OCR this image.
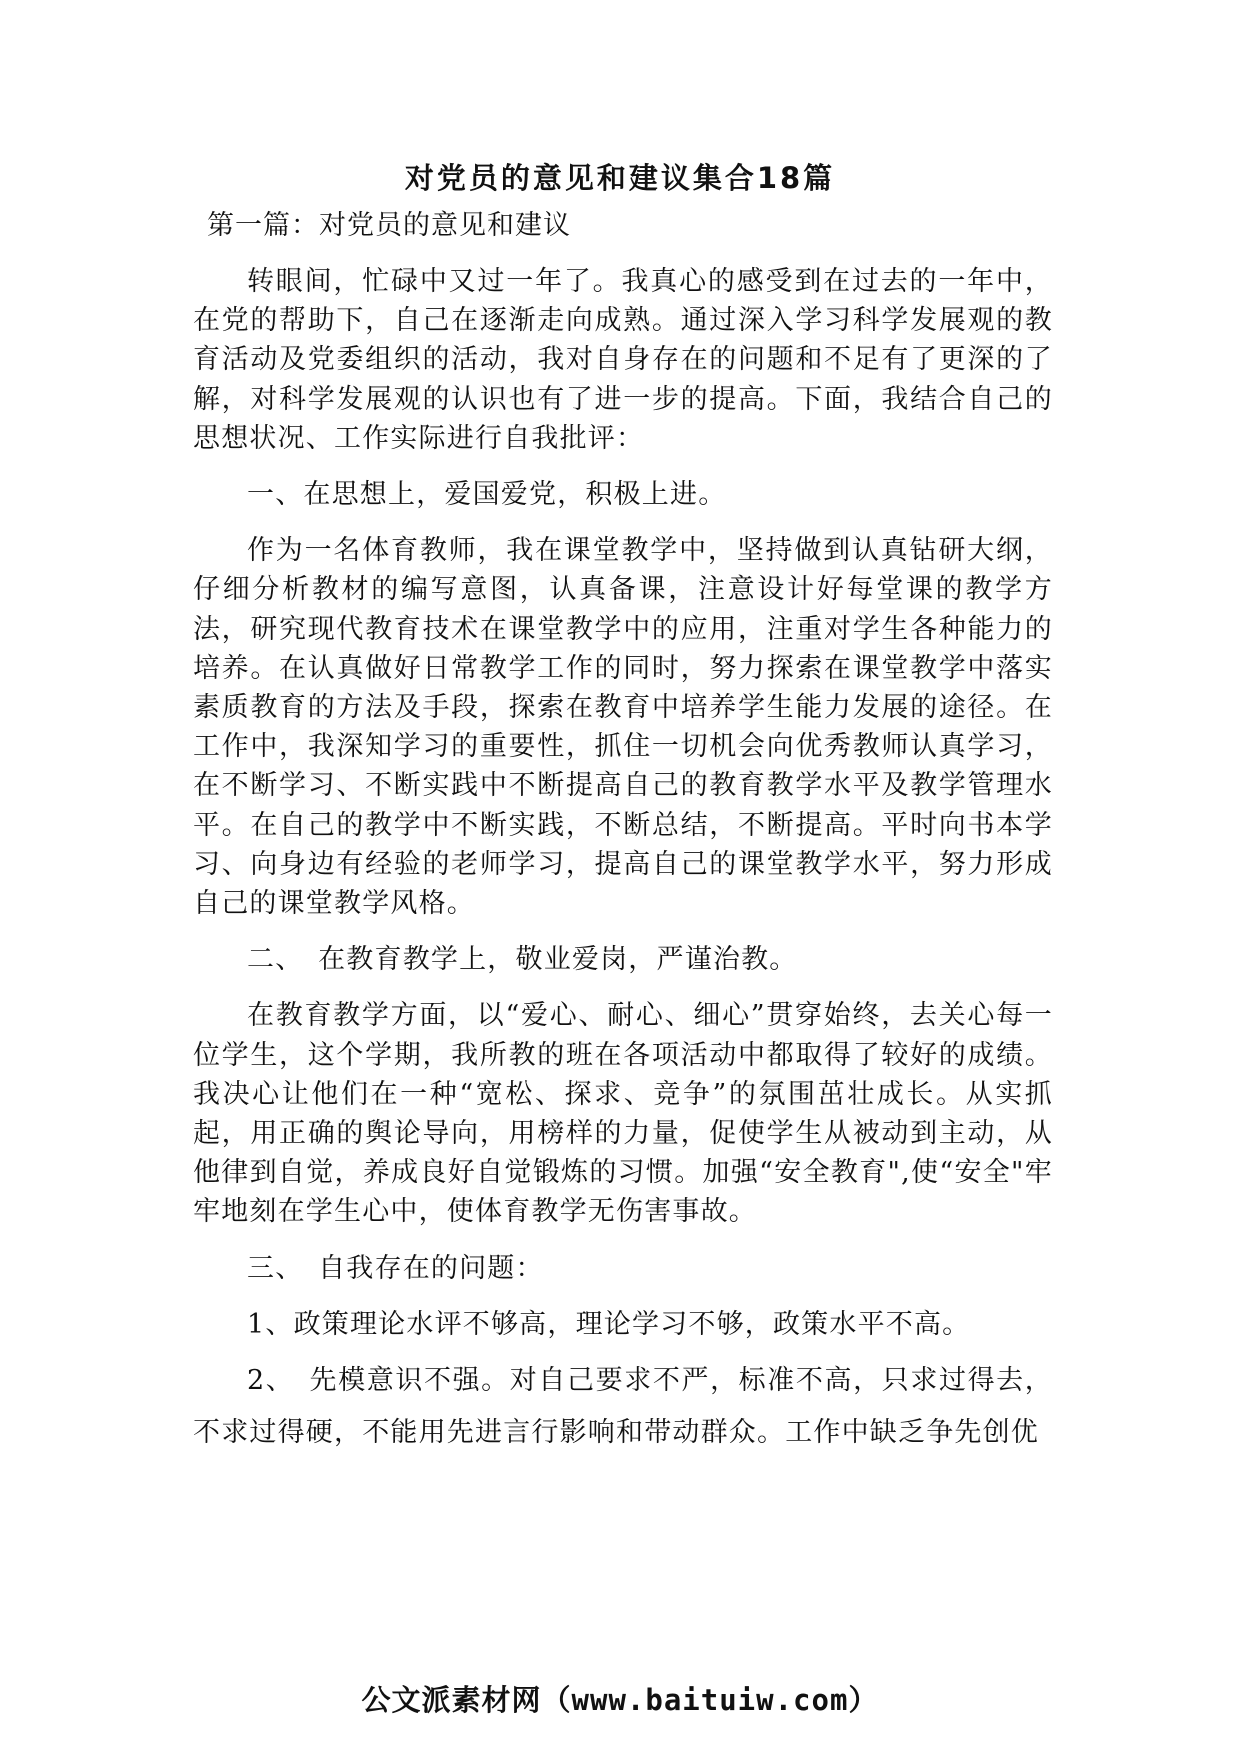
对党员的意见和建议集合18篇
第一篇：对党员的意见和建议

转眼间，忙碌中又过一年了。我真心的感受到在过去的一年中，在党的帮助下，自己在逐渐走向成熟。通过深入学习科学发展观的教育活动及党委组织的活动，我对自身存在的问题和不足有了更深的了解，对科学发展观的认识也有了进一步的提高。下面，我结合自己的思想状况、工作实际进行自我批评：

一、在思想上，爱国爱党，积极上进。

作为一名体育教师，我在课堂教学中，坚持做到认真钻研大纲，仔细分析教材的编写意图，认真备课，注意设计好每堂课的教学方法，研究现代教育技术在课堂教学中的应用，注重对学生各种能力的培养。在认真做好日常教学工作的同时，努力探索在课堂教学中落实素质教育的方法及手段，探索在教育中培养学生能力发展的途径。在工作中，我深知学习的重要性，抓住一切机会向优秀教师认真学习，在不断学习、不断实践中不断提高自己的教育教学水平及教学管理水平。在自己的教学中不断实践，不断总结，不断提高。平时向书本学习、向身边有经验的老师学习，提高自己的课堂教学水平，努力形成自己的课堂教学风格。

二、　在教育教学上，敬业爱岗，严谨治教。

在教育教学方面，以“爱心、耐心、细心”贯穿始终，去关心每一位学生，这个学期，我所教的班在各项活动中都取得了较好的成绩。我决心让他们在一种“宽松、探求、竞争”的氛围茁壮成长。从实抓起，用正确的舆论导向，用榜样的力量，促使学生从被动到主动，从他律到自觉，养成良好自觉锻炼的习惯。加强“安全教育",使“安全"牢牢地刻在学生心中，使体育教学无伤害事故。

三、　自我存在的问题：

1、政策理论水评不够高，理论学习不够，政策水平不高。

2、　先模意识不强。对自己要求不严，标准不高，只求过得去，不求过得硬，不能用先进言行影响和带动群众。工作中缺乏争先创优

公文派素材网（www.baituiw.com）
